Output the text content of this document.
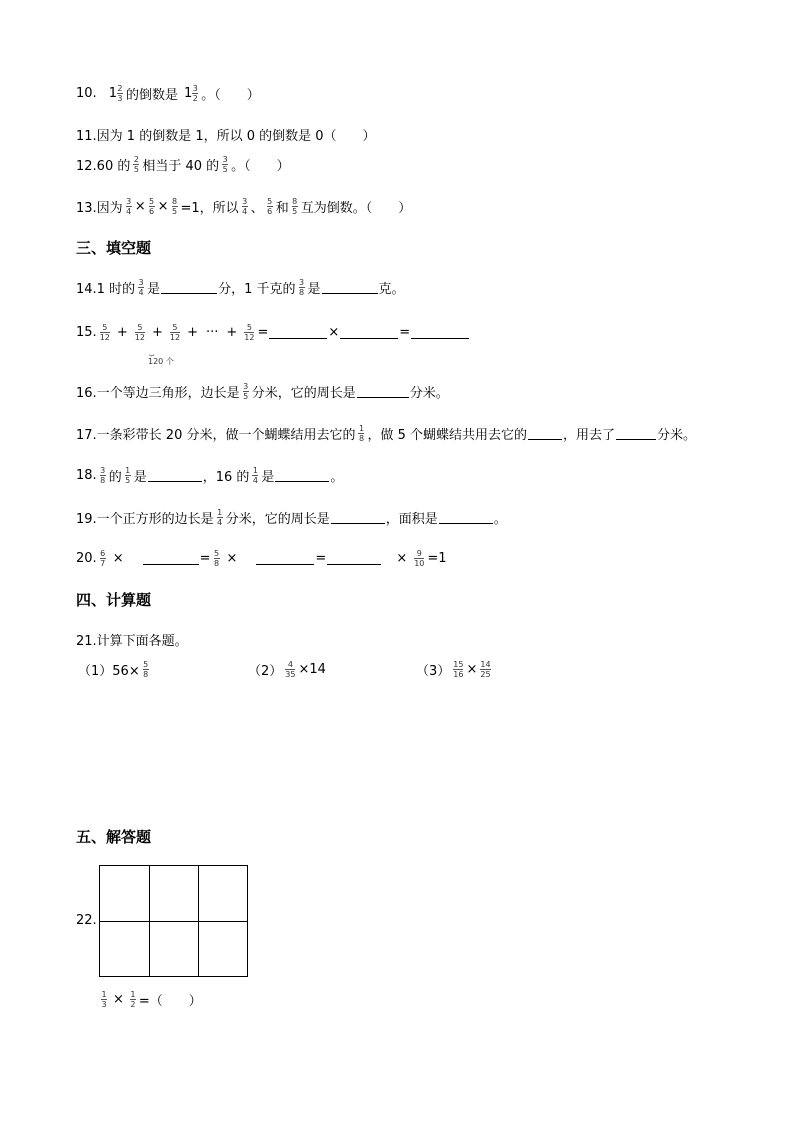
10. $1 \frac{2}{3}$ 的倒数是 $1 \frac{3}{2}$ 。（　　）
11.因为 1 的倒数是 1，所以 0 的倒数是 0（　　）
12.60 的 $\frac{2}{5}$ 相当于 40 的 $\frac{3}{5}$ 。（　　）
13.因为 $\frac{3}{4} \times \frac{5}{6} \times \frac{8}{5} =1$，所以 $\frac{3}{4}$ 、 $\frac{5}{6}$ 和 $\frac{8}{5}$ 互为倒数。（　　）
三、填空题
14.1 时的 $\frac{3}{4}$ 是	分，1 千克的 $\frac{3}{8}$ 是	克。
15. $\frac{5}{12} + \frac{5}{12} + \frac{5}{12}$ + ··· + $\frac{5}{12}$ =	×	=
⏟
120 个
16.一个等边三角形，边长是 $\frac{3}{5}$ 分米，它的周长是	分米。
17.一条彩带长 20 分米，做一个蝴蝶结用去它的 $\frac{1}{8}$ ，做 5 个蝴蝶结共用去它的	，用去了	分米。
18. $\frac{3}{8}$ 的 $\frac{1}{5}$ 是	，16 的 $\frac{1}{4}$ 是	。
19.一个正方形的边长是 $\frac{1}{4}$ 分米，它的周长是	，面积是	。
20. $\frac{6}{7}$ ×	= $\frac{5}{8}$ ×	=	× $\frac{9}{10} =1$
四、计算题
21.计算下面各题。
$(1)56\times \frac{5}{8}$	$(2) \frac{4}{35} \times 14$	$(3) \frac{15}{16} \times \frac{14}{25}$
五、解答题
22.
$\frac{1}{3} \times \frac{1}{2}$ =（　　）
